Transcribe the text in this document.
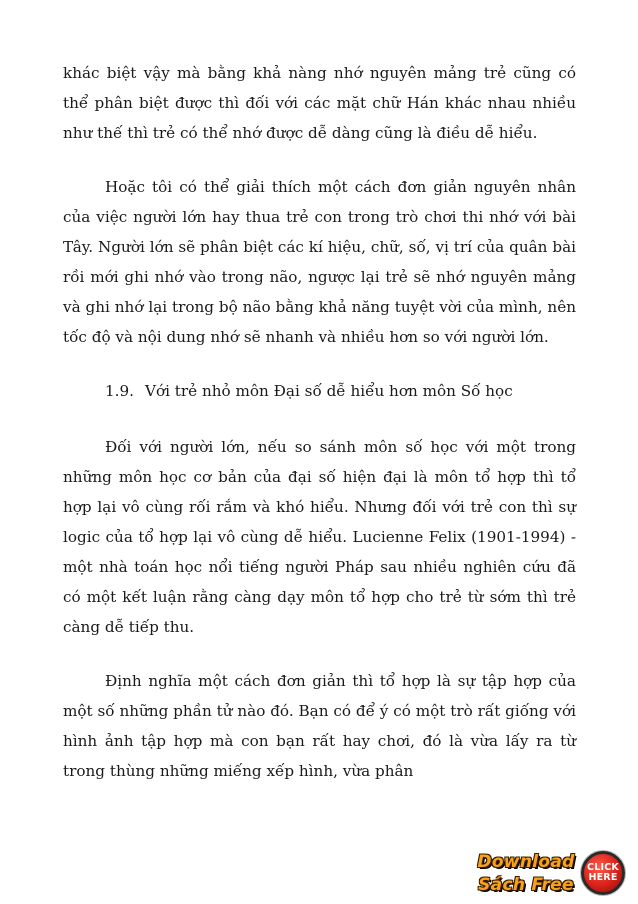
khác biệt vậy mà bằng khả nàng nhớ nguyên mảng trẻ cũng có thể phân biệt được thì đối với các mặt chữ Hán khác nhau nhiều như thế thì trẻ có thể nhớ được dễ dàng cũng là điều dễ hiểu.

Hoặc tôi có thể giải thích một cách đơn giản nguyên nhân của việc người lớn hay thua trẻ con trong trò chơi thi nhớ với bài Tây. Người lớn sẽ phân biệt các kí hiệu, chữ, số, vị trí của quân bài rồi mới ghi nhớ vào trong não, ngược lại trẻ sẽ nhớ nguyên mảng và ghi nhớ lại trong bộ não bằng khả năng tuyệt vời của mình, nên tốc độ và nội dung nhớ sẽ nhanh và nhiều hơn so với người lớn.

1.9. Với trẻ nhỏ môn Đại số dễ hiểu hơn môn Số học

Đối với người lớn, nếu so sánh môn số học với một trong những môn học cơ bản của đại số hiện đại là môn tổ hợp thì tổ hợp lại vô cùng rối rắm và khó hiểu. Nhưng đối với trẻ con thì sự logic của tổ hợp lại vô cùng dễ hiểu. Lucienne Felix (1901-1994) - một nhà toán học nổi tiếng người Pháp sau nhiều nghiên cứu đã có một kết luận rằng càng dạy môn tổ hợp cho trẻ từ sớm thì trẻ càng dễ tiếp thu.

Định nghĩa một cách đơn giản thì tổ hợp là sự tập hợp của một số những phần tử nào đó. Bạn có để ý có một trò rất giống với hình ảnh tập hợp mà con bạn rất hay chơi, đó là vừa lấy ra từ trong thùng những miếng xếp hình, vừa phân

Download
Sách Free
CLICK
HERE
